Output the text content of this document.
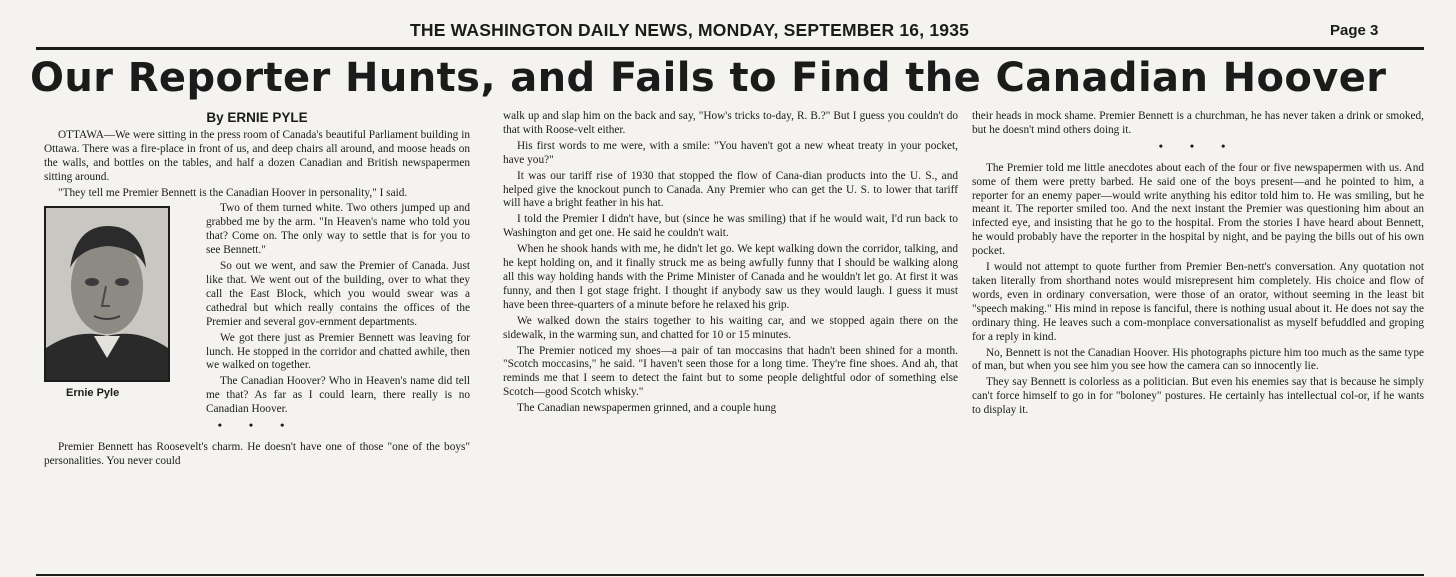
THE WASHINGTON DAILY NEWS, MONDAY, SEPTEMBER 16, 1935	Page 3
Our Reporter Hunts, and Fails to Find the Canadian Hoover
By ERNIE PYLE

OTTAWA—We were sitting in the press room of Canada's beautiful Parliament building in Ottawa. There was a fire-place in front of us, and deep chairs all around, and moose heads on the walls, and bottles on the tables, and half a dozen Canadian and British newspapermen sitting around.

"They tell me Premier Bennett is the Canadian Hoover in personality," I said.

Ernie Pyle

Two of them turned white. Two others jumped up and grabbed me by the arm. "In Heaven's name who told you that? Come on. The only way to settle that is for you to see Bennett."

So out we went, and saw the Premier of Canada. Just like that. We went out of the building, over to what they call the East Block, which you would swear was a cathedral but which really contains the offices of the Premier and several gov-ernment departments.

We got there just as Premier Bennett was leaving for lunch. He stopped in the corridor and chatted awhile, then we walked on together.

The Canadian Hoover? Who in Heaven's name did tell me that? As far as I could learn, there really is no Canadian Hoover.

• • •

Premier Bennett has Roosevelt's charm. He doesn't have one of those "one of the boys" personalities. You never could

walk up and slap him on the back and say, "How's tricks to-day, R. B.?" But I guess you couldn't do that with Roose-velt either.

His first words to me were, with a smile: "You haven't got a new wheat treaty in your pocket, have you?"

It was our tariff rise of 1930 that stopped the flow of Cana-dian products into the U. S., and helped give the knockout punch to Canada. Any Premier who can get the U. S. to lower that tariff will have a bright feather in his hat.

I told the Premier I didn't have, but (since he was smiling) that if he would wait, I'd run back to Washington and get one. He said he couldn't wait.

When he shook hands with me, he didn't let go. We kept walking down the corridor, talking, and he kept holding on, and it finally struck me as being awfully funny that I should be walking along all this way holding hands with the Prime Minister of Canada and he wouldn't let go. At first it was funny, and then I got stage fright. I thought if anybody saw us they would laugh. I guess it must have been three-quarters of a minute before he relaxed his grip.

We walked down the stairs together to his waiting car, and we stopped again there on the sidewalk, in the warming sun, and chatted for 10 or 15 minutes.

The Premier noticed my shoes—a pair of tan moccasins that hadn't been shined for a month. "Scotch moccasins," he said. "I haven't seen those for a long time. They're fine shoes. And ah, that reminds me that I seem to detect the faint but to some people delightful odor of something else Scotch—good Scotch whisky."

The Canadian newspapermen grinned, and a couple hung

their heads in mock shame. Premier Bennett is a churchman, he has never taken a drink or smoked, but he doesn't mind others doing it.

• • •

The Premier told me little anecdotes about each of the four or five newspapermen with us. And some of them were pretty barbed. He said one of the boys present—and he pointed to him, a reporter for an enemy paper—would write anything his editor told him to. He was smiling, but he meant it. The reporter smiled too. And the next instant the Premier was questioning him about an infected eye, and insisting that he go to the hospital. From the stories I have heard about Bennett, he would probably have the reporter in the hospital by night, and be paying the bills out of his own pocket.

I would not attempt to quote further from Premier Ben-nett's conversation. Any quotation not taken literally from shorthand notes would misrepresent him completely. His choice and flow of words, even in ordinary conversation, were those of an orator, without seeming in the least bit "speech making." His mind in repose is fanciful, there is nothing usual about it. He does not say the ordinary thing. He leaves such a com-monplace conversationalist as myself befuddled and groping for a reply in kind.

No, Bennett is not the Canadian Hoover. His photographs picture him too much as the same type of man, but when you see him you see how the camera can so innocently lie.

They say Bennett is colorless as a politician. But even his enemies say that is because he simply can't force himself to go in for "boloney" postures. He certainly has intellectual col-or, if he wants to display it.
